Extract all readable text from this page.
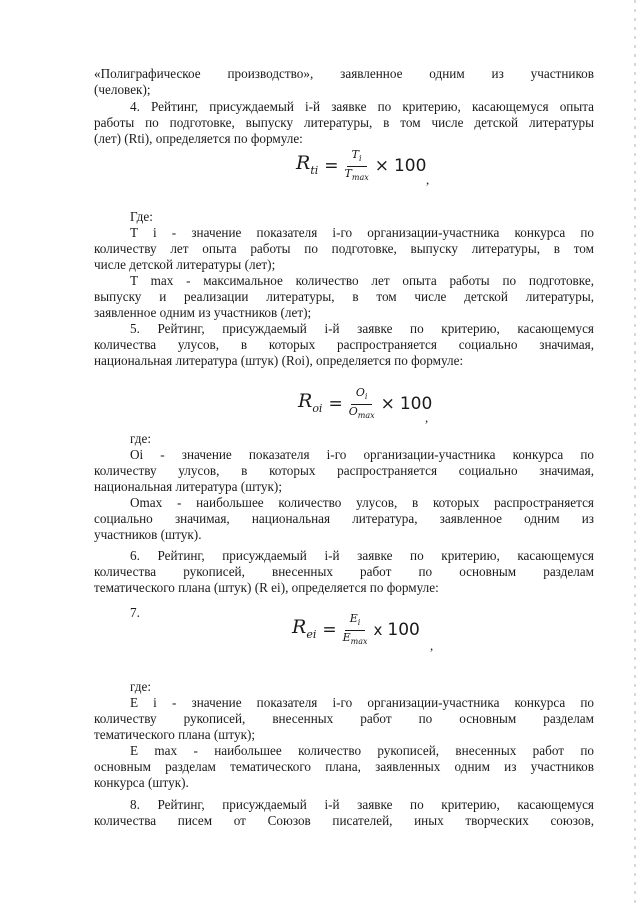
«Полиграфическое производство», заявленное одним из участников
(человек);
4. Рейтинг, присуждаемый i-й заявке по критерию, касающемуся опыта
работы по подготовке, выпуску литературы, в том числе детской литературы
(лет) (Rti), определяется по формуле:
$R_{ti} = \frac{T_i}{T_{max}} \times 100$
,
Где:
T i - значение показателя i-го организации-участника конкурса по
количеству лет опыта работы по подготовке, выпуску литературы, в том
числе детской литературы (лет);
T max - максимальное количество лет опыта работы по подготовке,
выпуску и реализации литературы, в том числе детской литературы,
заявленное одним из участников (лет);
5. Рейтинг, присуждаемый i-й заявке по критерию, касающемуся
количества улусов, в которых распространяется социально значимая,
национальная литература (штук) (Roi), определяется по формуле:
$R_{oi} = \frac{O_i}{O_{max}} \times 100$
,
где:
Oi - значение показателя i-го организации-участника конкурса по
количеству улусов, в которых распространяется социально значимая,
национальная литература (штук);
Omax - наибольшее количество улусов, в которых распространяется
социально значимая, национальная литература, заявленное одним из
участников (штук).
6. Рейтинг, присуждаемый i-й заявке по критерию, касающемуся
количества рукописей, внесенных работ по основным разделам
тематического плана (штук) (R ei), определяется по формуле:
7.
$R_{ei} = \frac{E_i}{E_{max}}$ x 100
,
где:
E i - значение показателя i-го организации-участника конкурса по
количеству рукописей, внесенных работ по основным разделам
тематического плана (штук);
E max - наибольшее количество рукописей, внесенных работ по
основным разделам тематического плана, заявленных одним из участников
конкурса (штук).
8. Рейтинг, присуждаемый i-й заявке по критерию, касающемуся
количества писем от Союзов писателей, иных творческих союзов,
